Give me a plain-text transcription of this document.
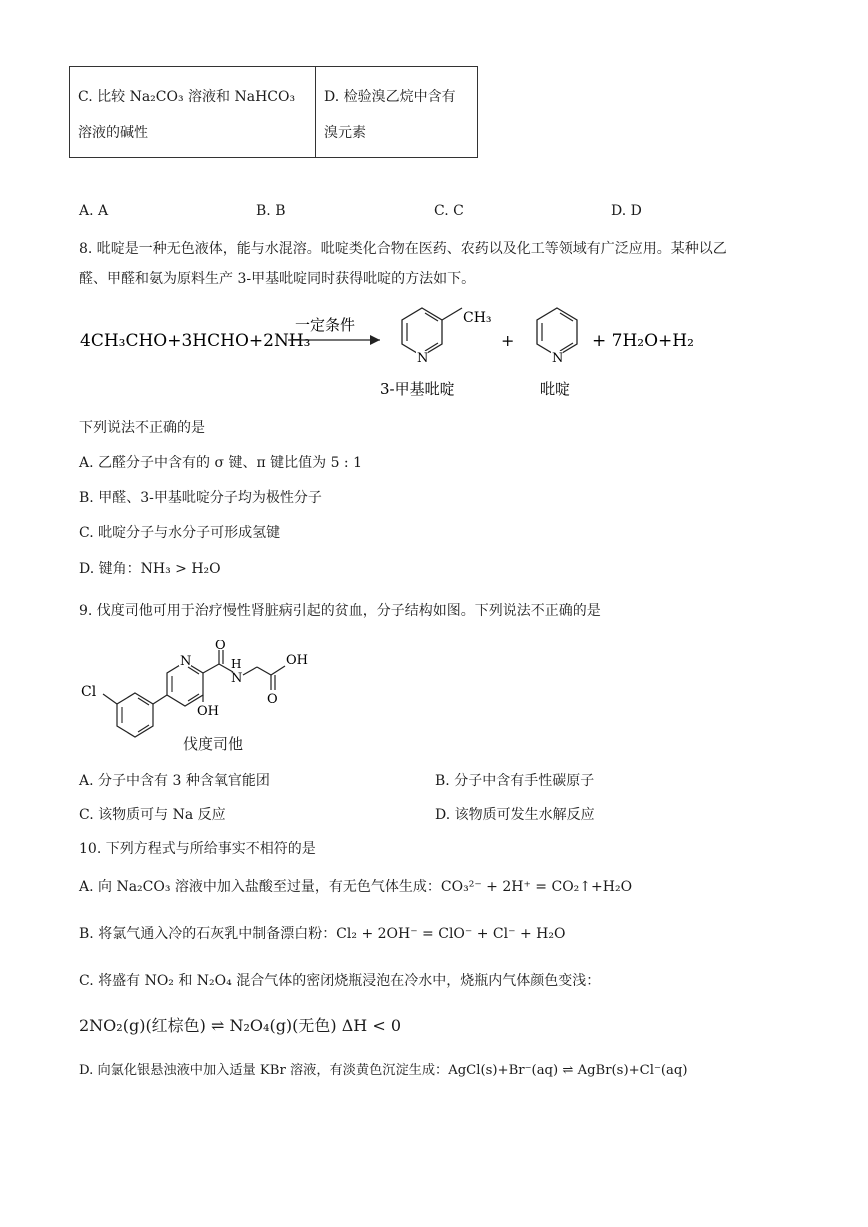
C. 比较 Na₂CO₃ 溶液和 NaHCO₃
溶液的碱性
D. 检验溴乙烷中含有
溴元素
A. A	B. B	C. C	D. D
8. 吡啶是一种无色液体，能与水混溶。吡啶类化合物在医药、农药以及化工等领域有广泛应用。某种以乙
醛、甲醛和氨为原料生产 3-甲基吡啶同时获得吡啶的方法如下。
4CH₃CHO+3HCHO+2NH₃
一定条件	CH₃
N
+
N
+ 7H₂O+H₂
3-甲基吡啶	吡啶
下列说法不正确的是
A. 乙醛分子中含有的 σ 键、π 键比值为 5 : 1
B. 甲醛、3-甲基吡啶分子均为极性分子
C. 吡啶分子与水分子可形成氢键
D. 键角：NH₃ > H₂O
9. 伐度司他可用于治疗慢性肾脏病引起的贫血，分子结构如图。下列说法不正确的是
Cl
N
OH
O
H
N
O
OH
伐度司他
A. 分子中含有 3 种含氧官能团	B. 分子中含有手性碳原子
C. 该物质可与 Na 反应	D. 该物质可发生水解反应
10. 下列方程式与所给事实不相符的是
A. 向 Na₂CO₃ 溶液中加入盐酸至过量，有无色气体生成：CO₃²⁻ + 2H⁺ = CO₂↑+H₂O
B. 将氯气通入冷的石灰乳中制备漂白粉：Cl₂ + 2OH⁻ = ClO⁻ + Cl⁻ + H₂O
C. 将盛有 NO₂ 和 N₂O₄ 混合气体的密闭烧瓶浸泡在冷水中，烧瓶内气体颜色变浅：
2NO₂(g)(红棕色) ⇌ N₂O₄(g)(无色) ΔH < 0
D. 向氯化银悬浊液中加入适量 KBr 溶液，有淡黄色沉淀生成：AgCl(s)+Br⁻(aq) ⇌ AgBr(s)+Cl⁻(aq)
